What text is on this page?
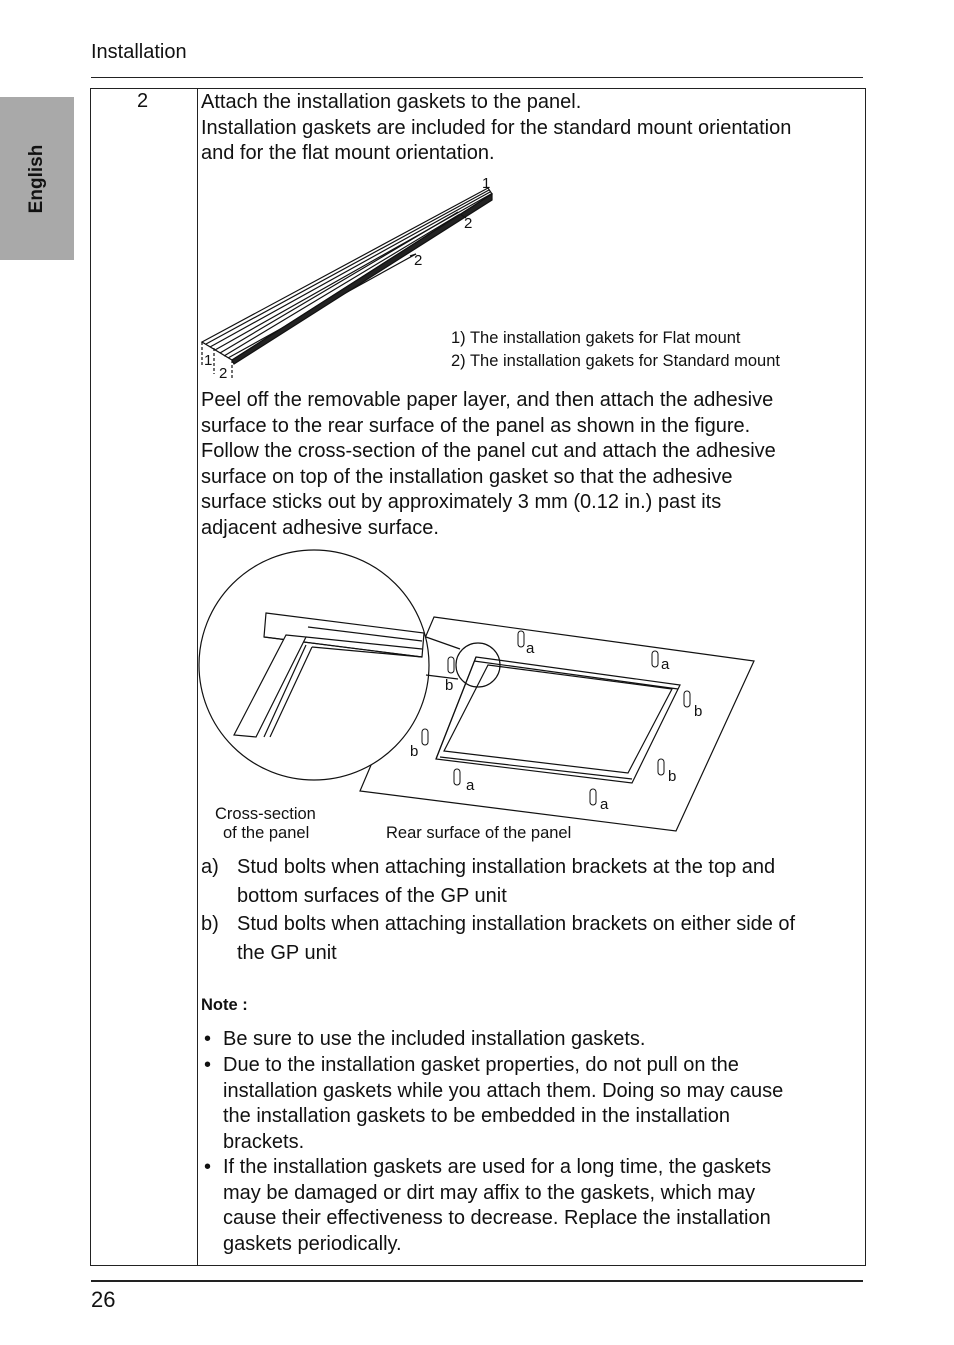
Installation
English
2	Attach the installation gaskets to the panel.
Installation gaskets are included for the standard mount orientation
and for the flat mount orientation.
1
2
2
1
2
1) The installation gakets for Flat mount
2) The installation gakets for Standard mount
Peel off the removable paper layer, and then attach the adhesive
surface to the rear surface of the panel as shown in the figure.
Follow the cross-section of the panel cut and attach the adhesive
surface on top of the installation gasket so that the adhesive
surface sticks out by approximately 3 mm (0.12 in.) past its
adjacent adhesive surface.
a
a
b
b
b
b
a
a
Cross-section
of the panel	Rear surface of the panel
a) Stud bolts when attaching installation brackets at the top and
bottom surfaces of the GP unit
b) Stud bolts when attaching installation brackets on either side of
the GP unit
Note :
• Be sure to use the included installation gaskets.
• Due to the installation gasket properties, do not pull on the
installation gaskets while you attach them. Doing so may cause
the installation gaskets to be embedded in the installation
brackets.
• If the installation gaskets are used for a long time, the gaskets
may be damaged or dirt may affix to the gaskets, which may
cause their effectiveness to decrease. Replace the installation
gaskets periodically.
26
